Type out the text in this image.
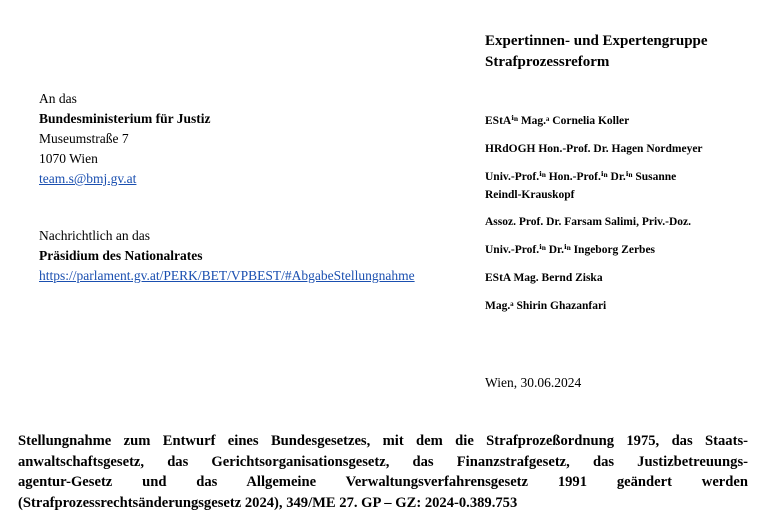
Expertinnen- und Expertengruppe
Strafprozessreform
An das
Bundesministerium für Justiz
Museumstraße 7
1070 Wien
team.s@bmj.gv.at
Nachrichtlich an das
Präsidium des Nationalrates
https://parlament.gv.at/PERK/BET/VPBEST/#AbgabeStellungnahme
EStAⁱⁿ Mag.ᵃ Cornelia Koller
HRdOGH Hon.-Prof. Dr. Hagen Nordmeyer
Univ.-Prof.ⁱⁿ Hon.-Prof.ⁱⁿ Dr.ⁱⁿ Susanne
Reindl-Krauskopf
Assoz. Prof. Dr. Farsam Salimi, Priv.-Doz.
Univ.-Prof.ⁱⁿ Dr.ⁱⁿ Ingeborg Zerbes
EStA Mag. Bernd Ziska
Mag.ᵃ Shirin Ghazanfari
Wien, 30.06.2024
Stellungnahme zum Entwurf eines Bundesgesetzes, mit dem die Strafprozeßordnung 1975, das Staats-
anwaltschaftsgesetz, das Gerichtsorganisationsgesetz, das Finanzstrafgesetz, das Justizbetreuungs-
agentur-Gesetz und das Allgemeine Verwaltungsverfahrensgesetz 1991 geändert werden
(Strafprozessrechtsänderungsgesetz 2024), 349/ME 27. GP – GZ: 2024-0.389.753
